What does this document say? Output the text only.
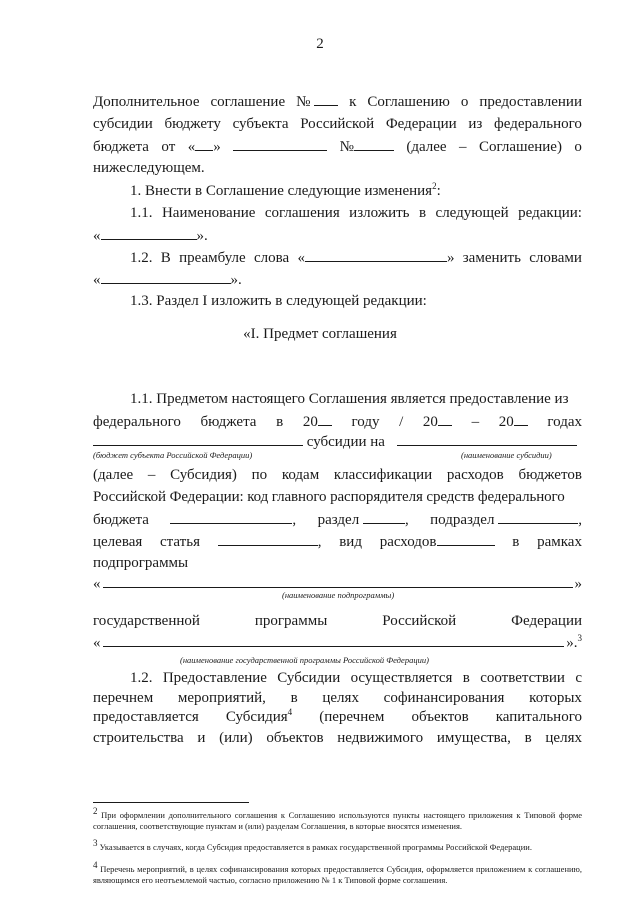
2
Дополнительное соглашение №	к Соглашению о предоставлении
субсидии бюджету субъекта Российской Федерации из федерального
бюджета от « »	№	(далее – Соглашение) о
нижеследующем.
1. Внести в Соглашение следующие изменения$^2$:
1.1. Наименование соглашения изложить в следующей редакции:
«	».
1.2. В преамбуле слова «	» заменить словами
«	».
1.3. Раздел I изложить в следующей редакции:
«I. Предмет соглашения
1.1. Предметом настоящего Соглашения является предоставление из
федерального бюджета в 20	году / 20	– 20	годах
субсидии на
(бюджет субъекта Российской Федерации)	(наименование субсидии)
(далее – Субсидия) по кодам классификации расходов бюджетов
Российской Федерации: код главного распорядителя средств федерального
бюджета	, раздел	, подраздел	,
целевая статья	, вид расходов	в рамках
подпрограммы
«	»
(наименование подпрограммы)
государственной	программы	Российской	Федерации
«	».$^3$
(наименование государственной программы Российской Федерации)
1.2. Предоставление Субсидии осуществляется в соответствии с
перечнем мероприятий, в целях софинансирования которых
предоставляется Субсидия$^4$ (перечнем объектов капитального
строительства и (или) объектов недвижимого имущества, в целях
$^2$ При оформлении дополнительного соглашения к Соглашению используются пункты настоящего приложения к Типовой форме соглашения, соответствующие пунктам и (или) разделам Соглашения, в которые вносятся изменения.
$^3$ Указывается в случаях, когда Субсидия предоставляется в рамках государственной программы Российской Федерации.
$^4$ Перечень мероприятий, в целях софинансирования которых предоставляется Субсидия, оформляется приложением к соглашению, являющимся его неотъемлемой частью, согласно приложению № 1 к Типовой форме соглашения.
